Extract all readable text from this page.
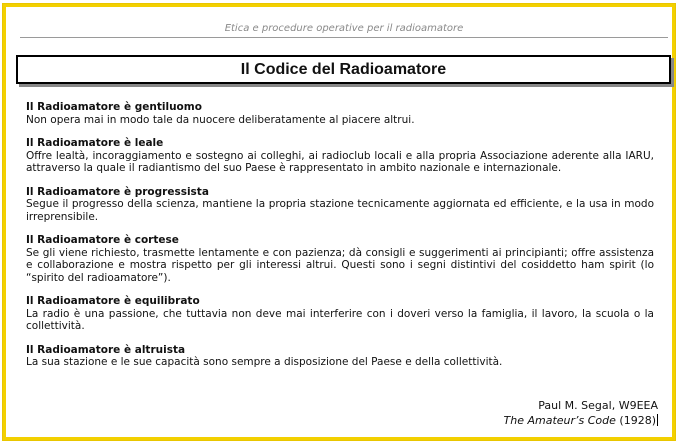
Etica e procedure operative per il radioamatore
Il Codice del Radioamatore
Il Radioamatore è gentiluomo
Non opera mai in modo tale da nuocere deliberatamente al piacere altrui.
Il Radioamatore è leale
Offre lealtà, incoraggiamento e sostegno ai colleghi, ai radioclub locali e alla propria Associazione aderente alla IARU, attraverso la quale il radiantismo del suo Paese è rappresentato in ambito nazionale e internazionale.
Il Radioamatore è progressista
Segue il progresso della scienza, mantiene la propria stazione tecnicamente aggiornata ed efficiente, e la usa in modo irreprensibile.
Il Radioamatore è cortese
Se gli viene richiesto, trasmette lentamente e con pazienza; dà consigli e suggerimenti ai principianti; offre assistenza e collaborazione e mostra rispetto per gli interessi altrui. Questi sono i segni distintivi del cosiddetto ham spirit (lo “spirito del radioamatore”).
Il Radioamatore è equilibrato
La radio è una passione, che tuttavia non deve mai interferire con i doveri verso la famiglia, il lavoro, la scuola o la collettività.
Il Radioamatore è altruista
La sua stazione e le sue capacità sono sempre a disposizione del Paese e della collettività.
Paul M. Segal, W9EEA
The Amateur’s Code (1928)
